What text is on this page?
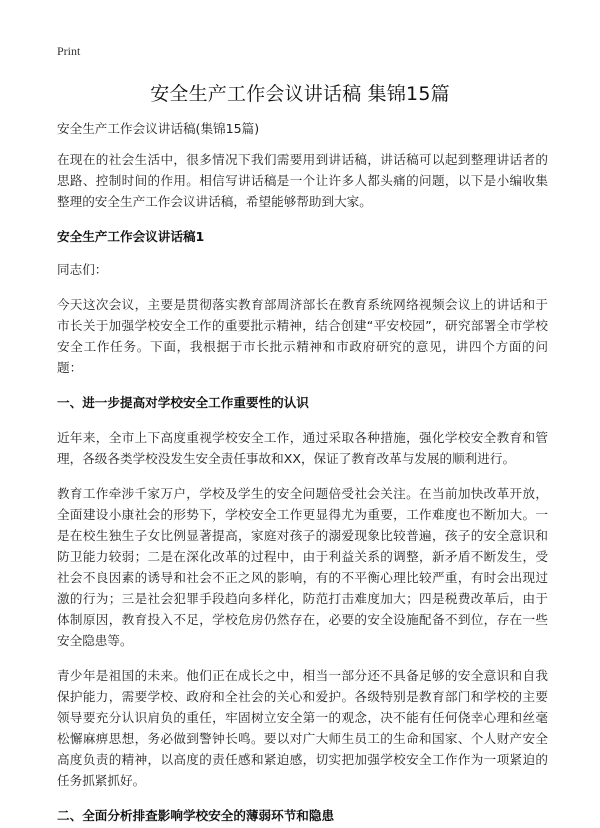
Print
安全生产工作会议讲话稿 集锦15篇

安全生产工作会议讲话稿(集锦15篇)

在现在的社会生活中，很多情况下我们需要用到讲话稿，讲话稿可以起到整理讲话者的思路、控制时间的作用。相信写讲话稿是一个让许多人都头痛的问题，以下是小编收集整理的安全生产工作会议讲话稿，希望能够帮助到大家。

安全生产工作会议讲话稿1

同志们：

今天这次会议，主要是贯彻落实教育部周济部长在教育系统网络视频会议上的讲话和于市长关于加强学校安全工作的重要批示精神，结合创建“平安校园”，研究部署全市学校安全工作任务。下面，我根据于市长批示精神和市政府研究的意见，讲四个方面的问题：

一、进一步提高对学校安全工作重要性的认识

近年来，全市上下高度重视学校安全工作，通过采取各种措施，强化学校安全教育和管理，各级各类学校没发生安全责任事故和XX，保证了教育改革与发展的顺利进行。

教育工作牵涉千家万户，学校及学生的安全问题倍受社会关注。在当前加快改革开放，全面建设小康社会的形势下，学校安全工作更显得尤为重要，工作难度也不断加大。一是在校生独生子女比例显著提高，家庭对孩子的溺爱现象比较普遍，孩子的安全意识和防卫能力较弱；二是在深化改革的过程中，由于利益关系的调整，新矛盾不断发生，受社会不良因素的诱导和社会不正之风的影响，有的不平衡心理比较严重，有时会出现过激的行为；三是社会犯罪手段趋向多样化，防范打击难度加大；四是税费改革后，由于体制原因，教育投入不足，学校危房仍然存在，必要的安全设施配备不到位，存在一些安全隐患等。

青少年是祖国的未来。他们正在成长之中，相当一部分还不具备足够的安全意识和自我保护能力，需要学校、政府和全社会的关心和爱护。各级特别是教育部门和学校的主要领导要充分认识肩负的重任，牢固树立安全第一的观念，决不能有任何侥幸心理和丝毫松懈麻痹思想，务必做到警钟长鸣。要以对广大师生员工的生命和国家、个人财产安全高度负责的精神，以高度的责任感和紧迫感，切实把加强学校安全工作作为一项紧迫的任务抓紧抓好。

二、全面分析排查影响学校安全的薄弱环节和隐患
